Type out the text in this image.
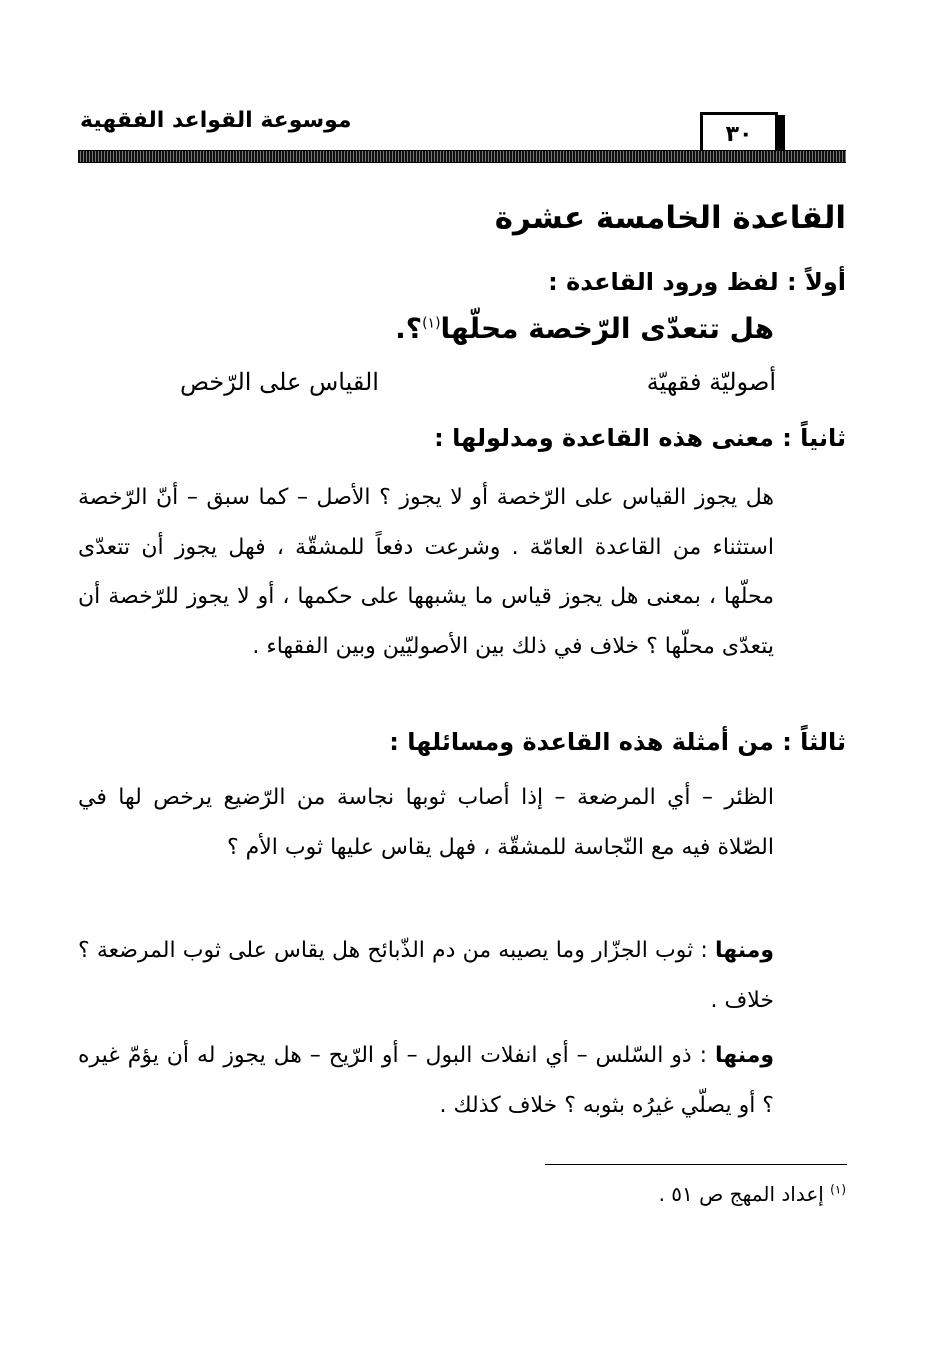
موسوعة القواعد الفقهية
٣٠
القاعدة الخامسة عشرة
أولاً : لفظ ورود القاعدة :
هل تتعدّى الرّخصة محلّها$^{(١)}$؟.
أصوليّة فقهيّة
القياس على الرّخص
ثانياً : معنى هذه القاعدة ومدلولها :
هل يجوز القياس على الرّخصة أو لا يجوز ؟ الأصل – كما سبق – أنّ الرّخصة استثناء من القاعدة العامّة . وشرعت دفعاً للمشقّة ، فهل يجوز أن تتعدّى محلّها ، بمعنى هل يجوز قياس ما يشبهها على حكمها ، أو لا يجوز للرّخصة أن يتعدّى محلّها ؟ خلاف في ذلك بين الأصوليّين وبين الفقهاء .
ثالثاً : من أمثلة هذه القاعدة ومسائلها :
الظئر – أي المرضعة – إذا أصاب ثوبها نجاسة من الرّضيع يرخص لها في الصّلاة فيه مع النّجاسة للمشقّة ، فهل يقاس عليها ثوب الأم ؟
ومنها : ثوب الجزّار وما يصيبه من دم الذّبائح هل يقاس على ثوب المرضعة ؟ خلاف .
ومنها : ذو السّلس – أي انفلات البول – أو الرّيح – هل يجوز له أن يؤمّ غيره ؟ أو يصلّي غيرُه بثوبه ؟ خلاف كذلك .
$^{(١)}$ إعداد المهج ص ٥١ .
